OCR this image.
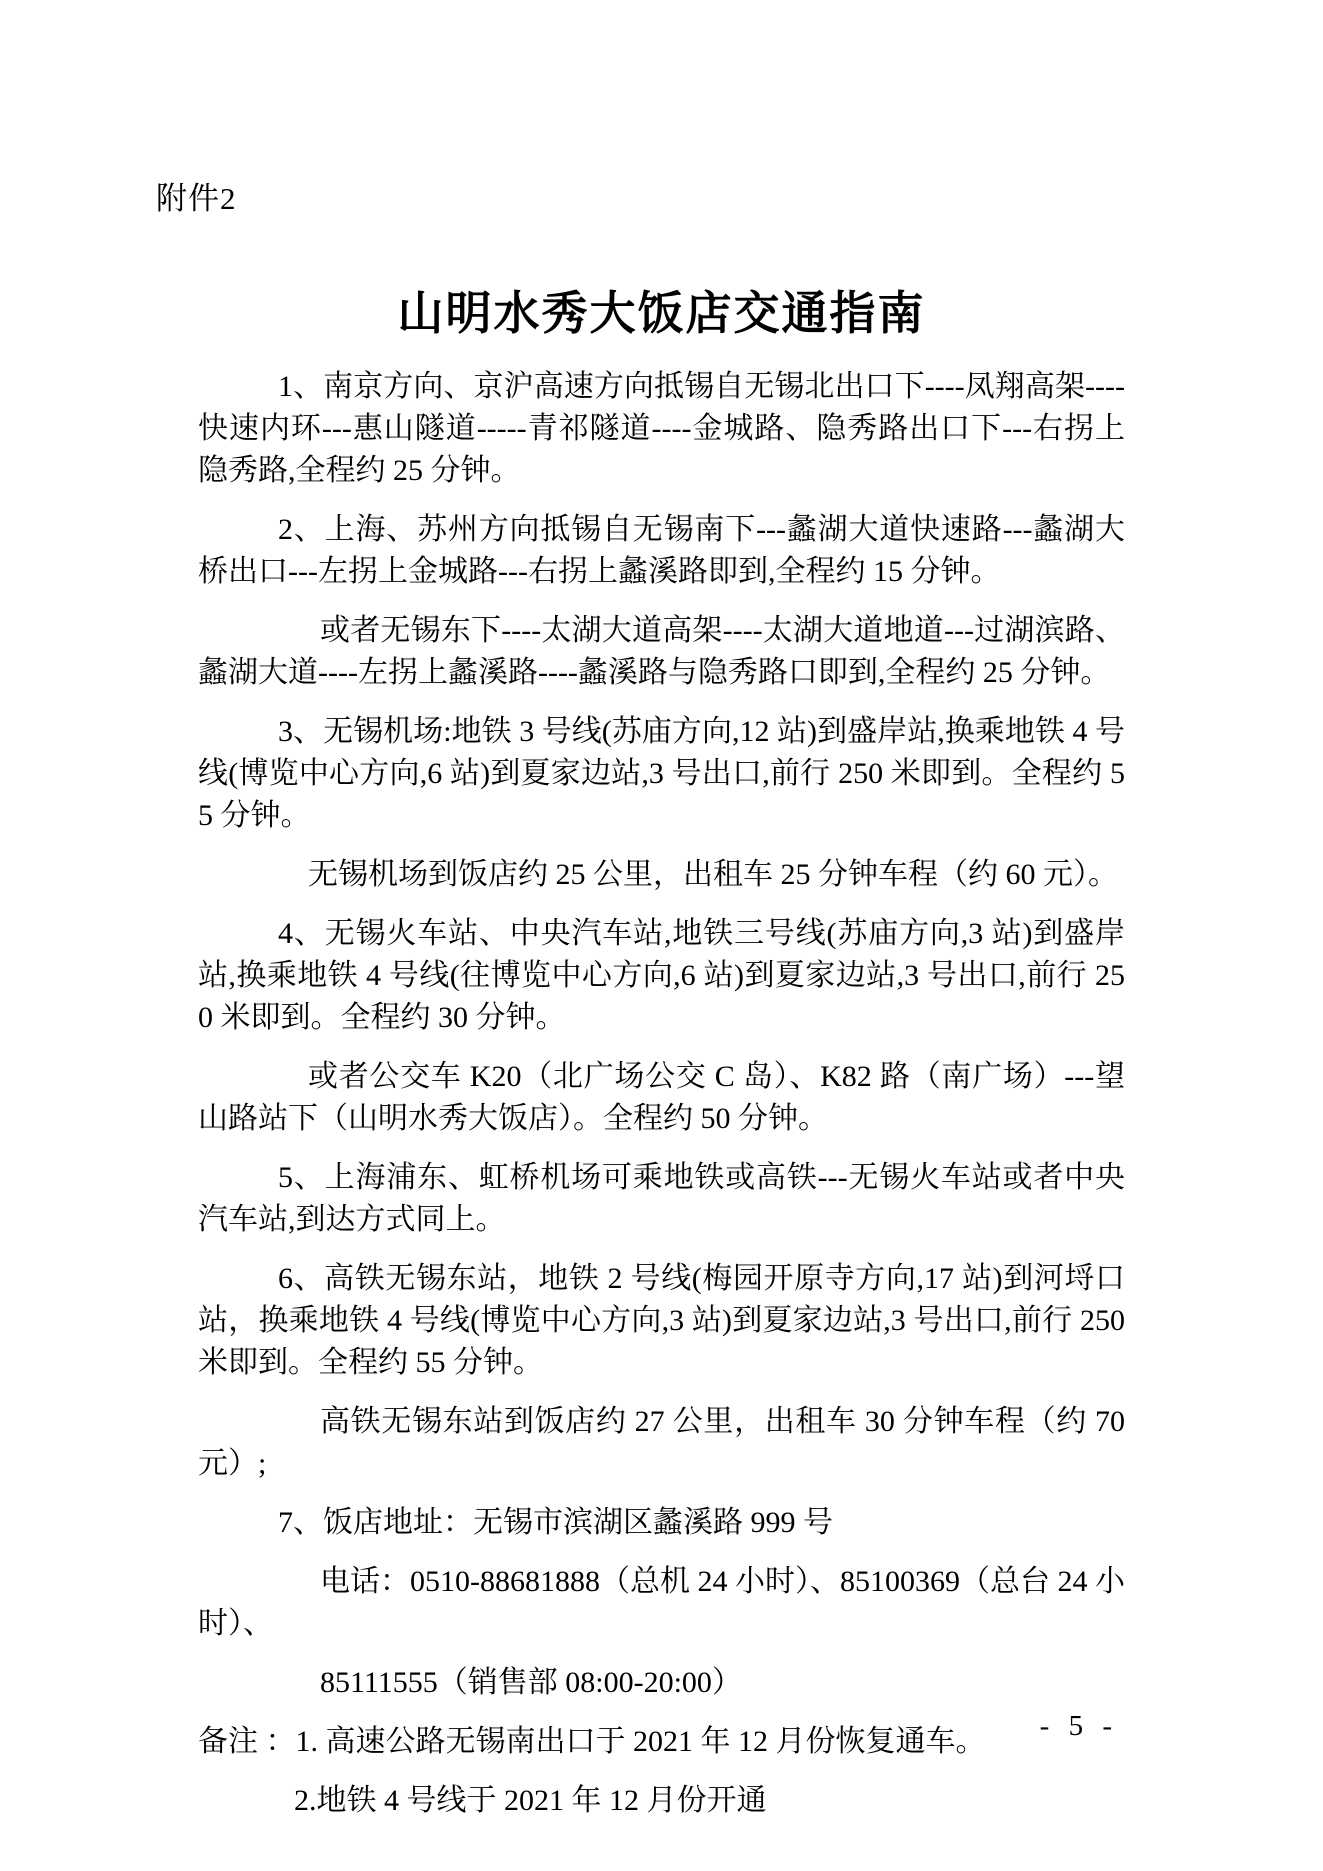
附件2
山明水秀大饭店交通指南

1、南京方向、京沪高速方向抵锡自无锡北出口下----凤翔高架----快速内环---惠山隧道-----青祁隧道----金城路、隐秀路出口下---右拐上隐秀路,全程约 25 分钟。

2、上海、苏州方向抵锡自无锡南下---蠡湖大道快速路---蠡湖大桥出口---左拐上金城路---右拐上蠡溪路即到,全程约 15 分钟。

或者无锡东下----太湖大道高架----太湖大道地道---过湖滨路、蠡湖大道----左拐上蠡溪路----蠡溪路与隐秀路口即到,全程约 25 分钟。

3、无锡机场:地铁 3 号线(苏庙方向,12 站)到盛岸站,换乘地铁 4 号线(博览中心方向,6 站)到夏家边站,3 号出口,前行 250 米即到。全程约 55 分钟。

无锡机场到饭店约 25 公里，出租车 25 分钟车程（约 60 元）。

4、无锡火车站、中央汽车站,地铁三号线(苏庙方向,3 站)到盛岸站,换乘地铁 4 号线(往博览中心方向,6 站)到夏家边站,3 号出口,前行 250 米即到。全程约 30 分钟。

或者公交车 K20（北广场公交 C 岛）、K82 路（南广场）---望山路站下（山明水秀大饭店）。全程约 50 分钟。

5、上海浦东、虹桥机场可乘地铁或高铁---无锡火车站或者中央汽车站,到达方式同上。

6、高铁无锡东站，地铁 2 号线(梅园开原寺方向,17 站)到河埒口站，换乘地铁 4 号线(博览中心方向,3 站)到夏家边站,3 号出口,前行 250 米即到。全程约 55 分钟。

高铁无锡东站到饭店约 27 公里，出租车 30 分钟车程（约 70 元）;

7、饭店地址：无锡市滨湖区蠡溪路 999 号

电话：0510-88681888（总机 24 小时）、85100369（总台 24 小时）、

85111555（销售部 08:00-20:00）

备注 ：1. 高速公路无锡南出口于 2021 年 12 月份恢复通车。

2.地铁 4 号线于 2021 年 12 月份开通

- 5 -
